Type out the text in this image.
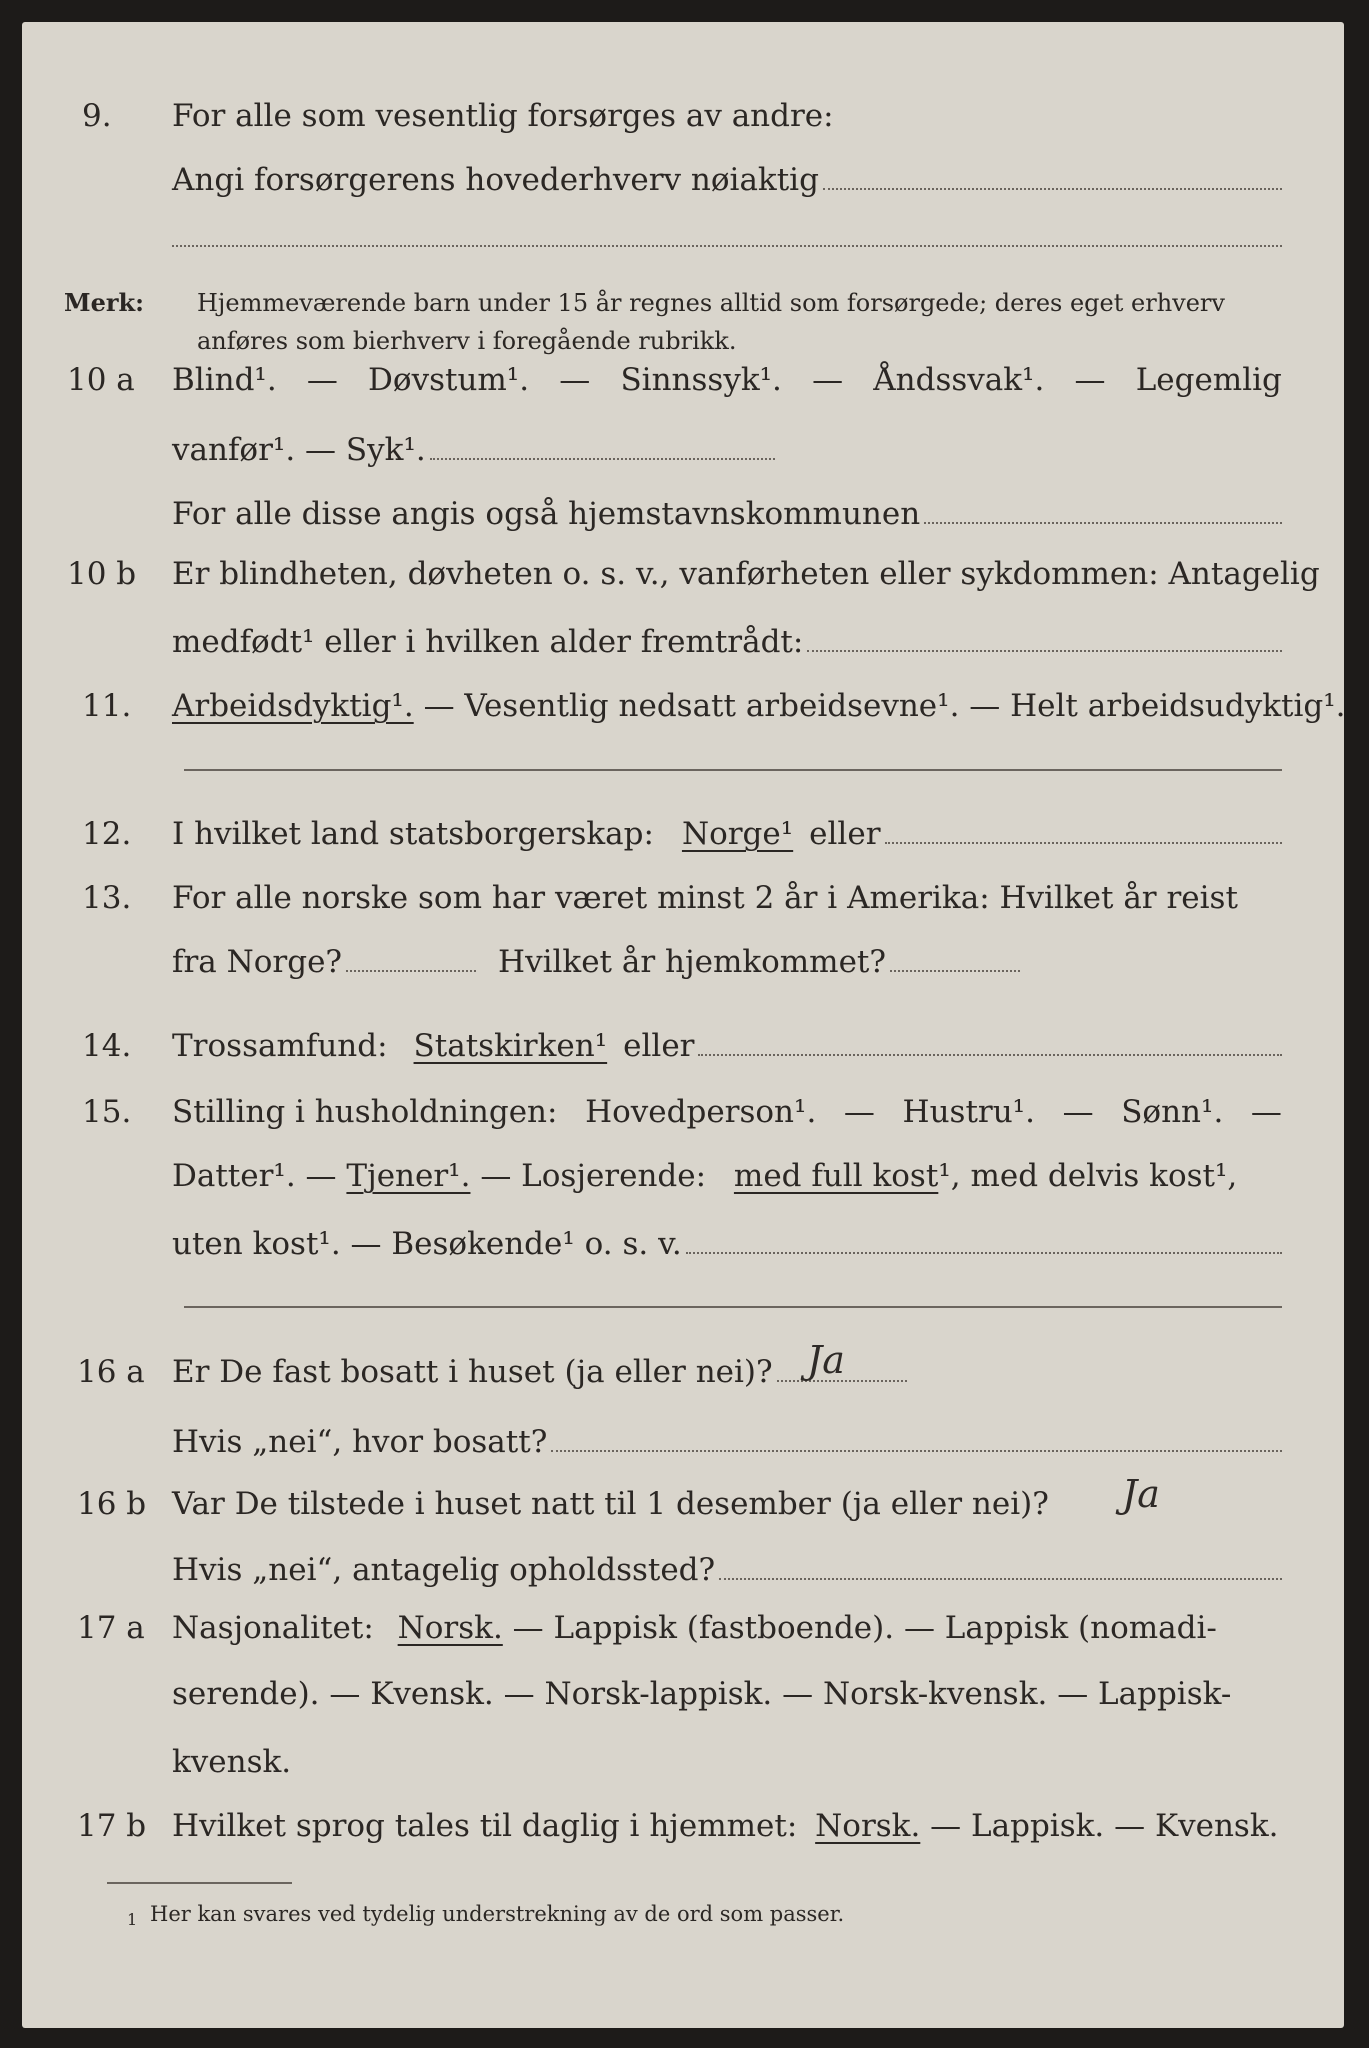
9.	For alle som vesentlig forsørges av andre:
Angi forsørgerens hovederhverv nøiaktig
Merk: Hjemmeværende barn under 15 år regnes alltid som forsørgede; deres eget erhverv
anføres som bierhverv i foregående rubrikk.
10 a	Blind¹. — Døvstum¹. — Sinnssyk¹. — Åndssvak¹. — Legemlig
vanfør¹. — Syk¹.
For alle disse angis også hjemstavnskommunen
10 b	Er blindheten, døvheten o. s. v., vanførheten eller sykdommen: Antagelig
medfødt¹ eller i hvilken alder fremtrådt:
11.	Arbeidsdyktig¹. — Vesentlig nedsatt arbeidsevne¹. — Helt arbeidsudyktig¹.
12.	I hvilket land statsborgerskap: Norge¹ eller
13.	For alle norske som har været minst 2 år i Amerika: Hvilket år reist
fra Norge?	Hvilket år hjemkommet?
14.	Trossamfund: Statskirken¹ eller
15.	Stilling i husholdningen: Hovedperson¹. — Hustru¹. — Sønn¹. —
Datter¹. — Tjener¹. — Losjerende: med full kost¹, med delvis kost¹,
uten kost¹. — Besøkende¹ o. s. v.
16 a Er De fast bosatt i huset (ja eller nei)? Ja
Hvis „nei“, hvor bosatt?
16 b Var De tilstede i huset natt til 1 desember (ja eller nei)?	Ja
Hvis „nei“, antagelig opholdssted?
17 a Nasjonalitet: Norsk. — Lappisk (fastboende). — Lappisk (nomadi-
serende). — Kvensk. — Norsk-lappisk. — Norsk-kvensk. — Lappisk-
kvensk.
17 b Hvilket sprog tales til daglig i hjemmet: Norsk. — Lappisk. — Kvensk.
1 Her kan svares ved tydelig understrekning av de ord som passer.
